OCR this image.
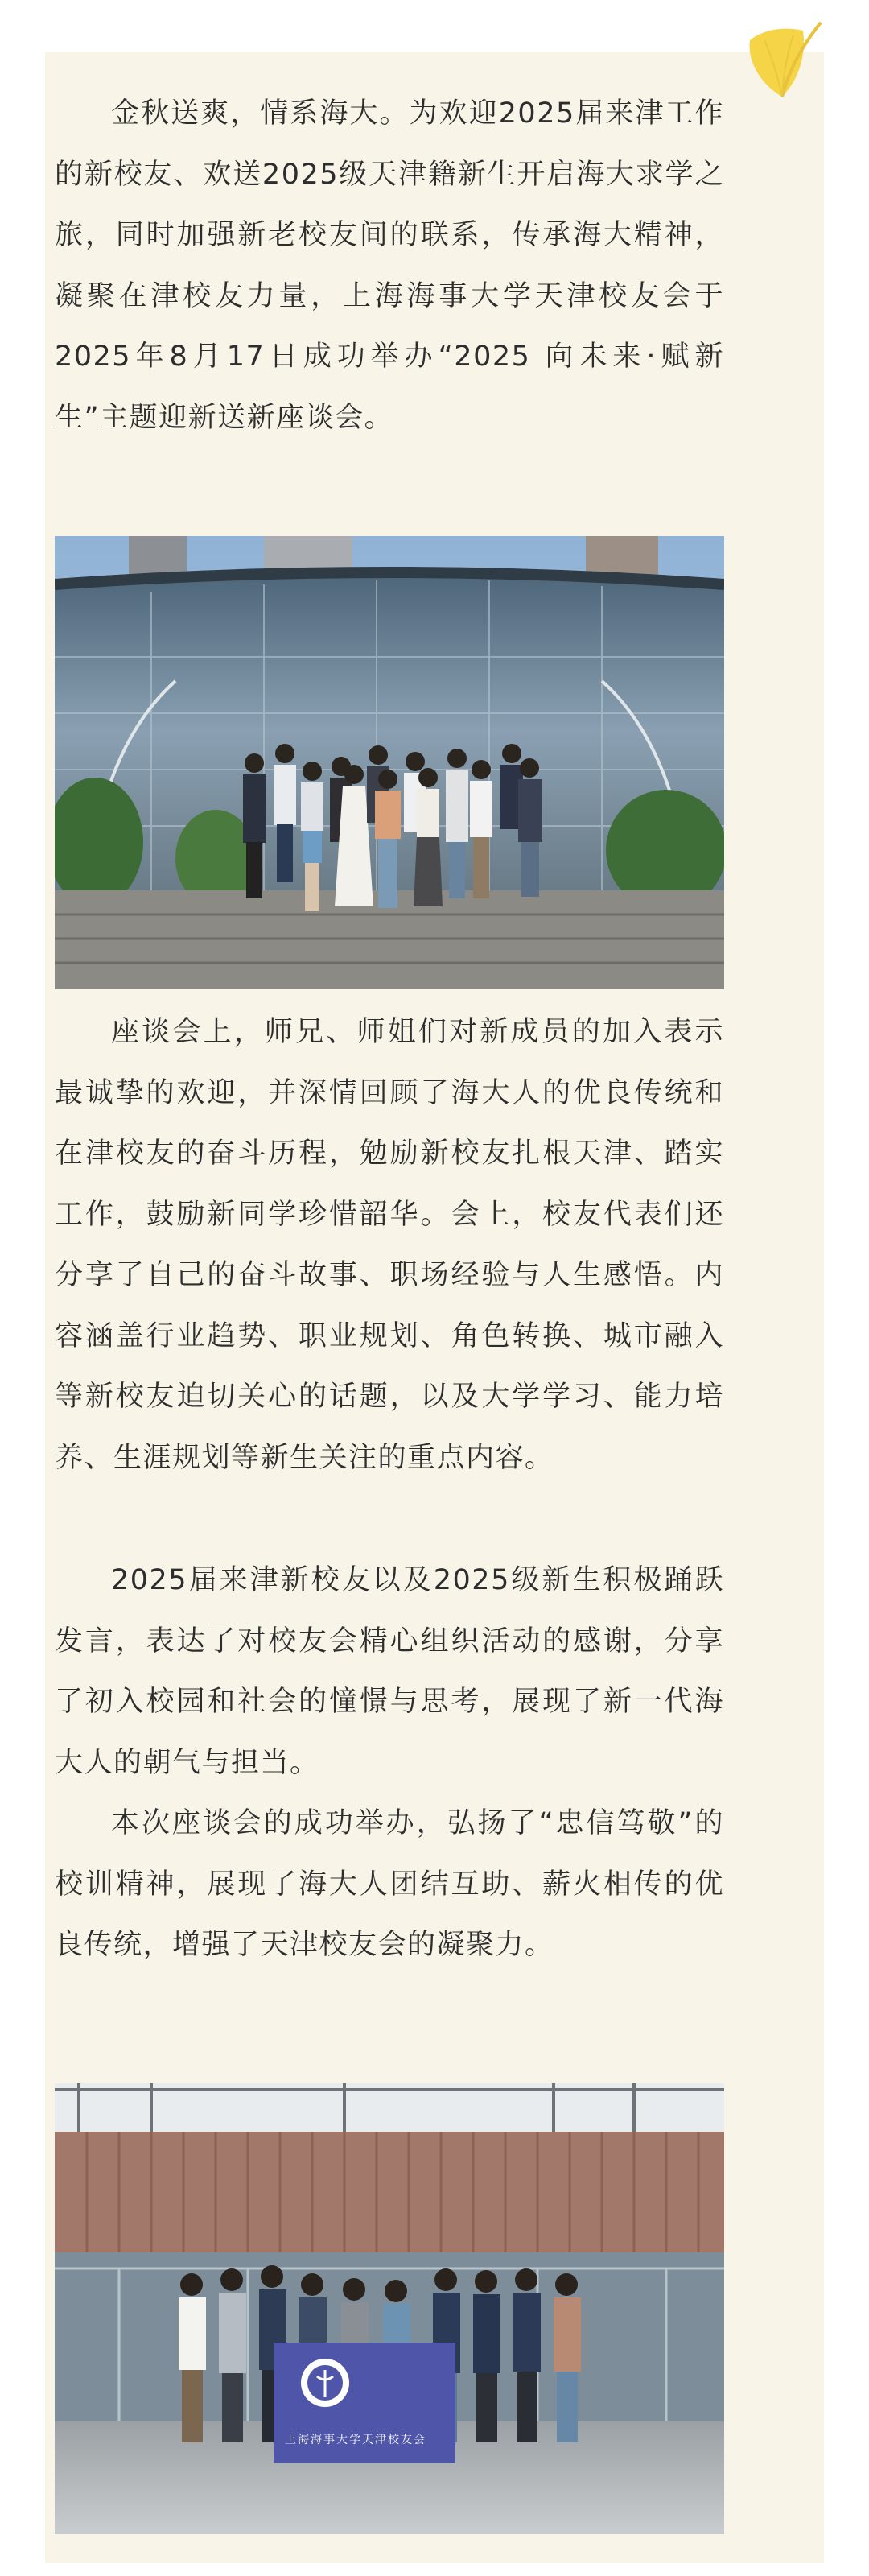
金秋送爽，情系海大。为欢迎2025届来津工作的新校友、欢送2025级天津籍新生开启海大求学之旅，同时加强新老校友间的联系，传承海大精神，凝聚在津校友力量，上海海事大学天津校友会于2025年8月17日成功举办“2025 向未来·赋新生”主题迎新送新座谈会。

座谈会上，师兄、师姐们对新成员的加入表示最诚挚的欢迎，并深情回顾了海大人的优良传统和在津校友的奋斗历程，勉励新校友扎根天津、踏实工作，鼓励新同学珍惜韶华。会上，校友代表们还分享了自己的奋斗故事、职场经验与人生感悟。内容涵盖行业趋势、职业规划、角色转换、城市融入等新校友迫切关心的话题，以及大学学习、能力培养、生涯规划等新生关注的重点内容。

2025届来津新校友以及2025级新生积极踊跃发言，表达了对校友会精心组织活动的感谢，分享了初入校园和社会的憧憬与思考，展现了新一代海大人的朝气与担当。

本次座谈会的成功举办，弘扬了“忠信笃敬”的校训精神，展现了海大人团结互助、薪火相传的优良传统，增强了天津校友会的凝聚力。

上海海事大学天津校友会
